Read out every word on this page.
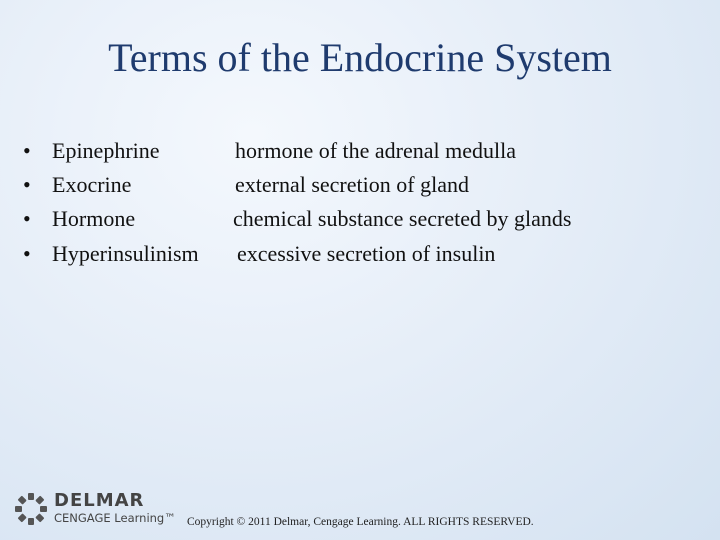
Terms of the Endocrine System
• Epinephrine	hormone of the adrenal medulla
• Exocrine	external secretion of gland
• Hormone	chemical substance secreted by glands
• Hyperinsulinism excessive secretion of insulin
DELMAR
CENGAGE Learning™ Copyright © 2011 Delmar, Cengage Learning. ALL RIGHTS RESERVED.
